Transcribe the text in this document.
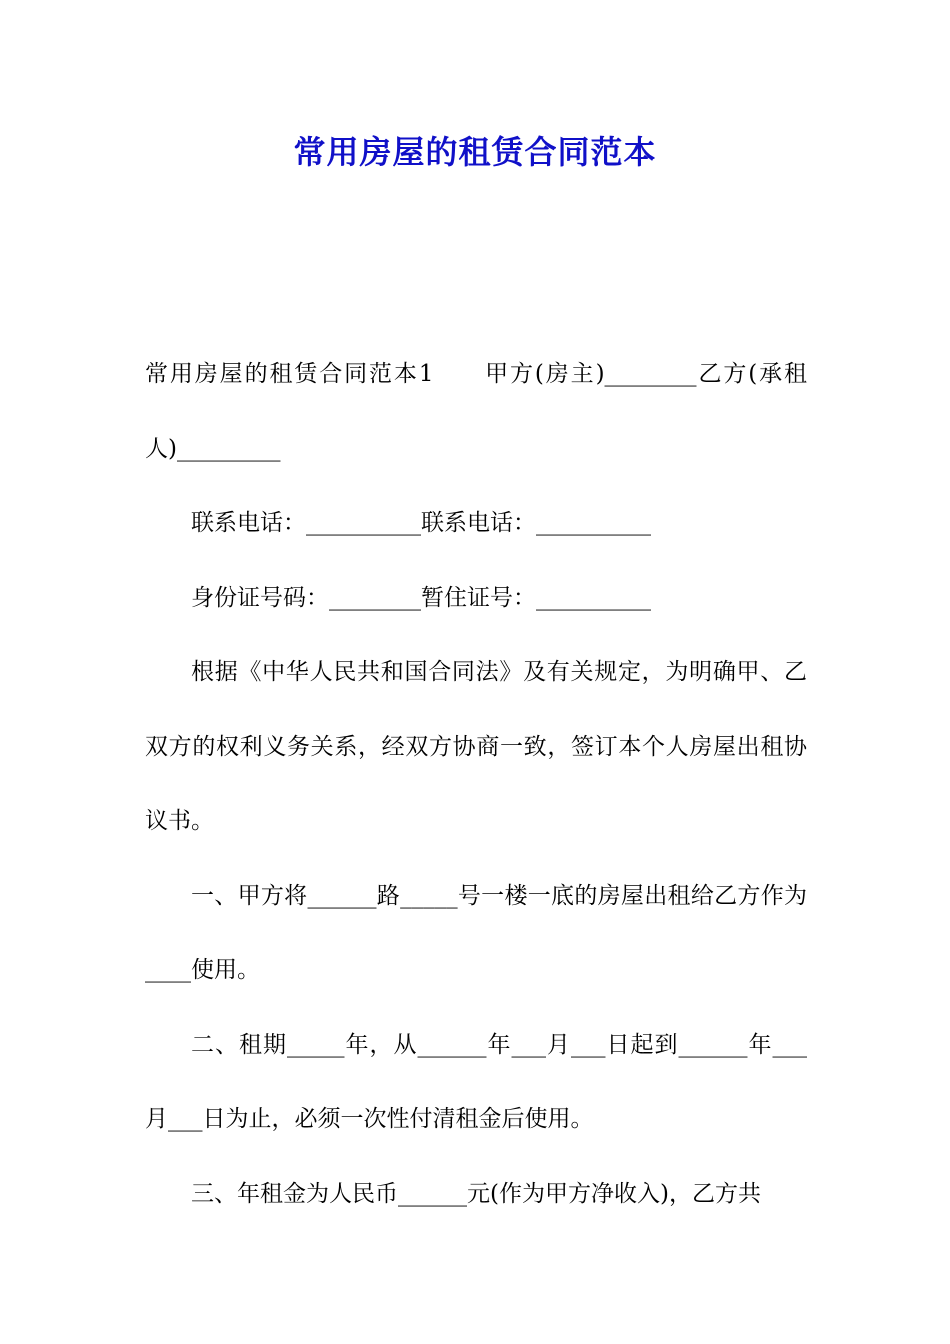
常用房屋的租赁合同范本

常用房屋的租赁合同范本1　　甲方(房主)________乙方(承租人)_________

联系电话：__________联系电话：__________

身份证号码：________暂住证号：__________

根据《中华人民共和国合同法》及有关规定，为明确甲、乙双方的权利义务关系，经双方协商一致，签订本个人房屋出租协议书。

一、甲方将______路_____号一楼一底的房屋出租给乙方作为____使用。

二、租期_____年，从______年___月___日起到______年___月___日为止，必须一次性付清租金后使用。

三、年租金为人民币______元(作为甲方净收入)，乙方共
